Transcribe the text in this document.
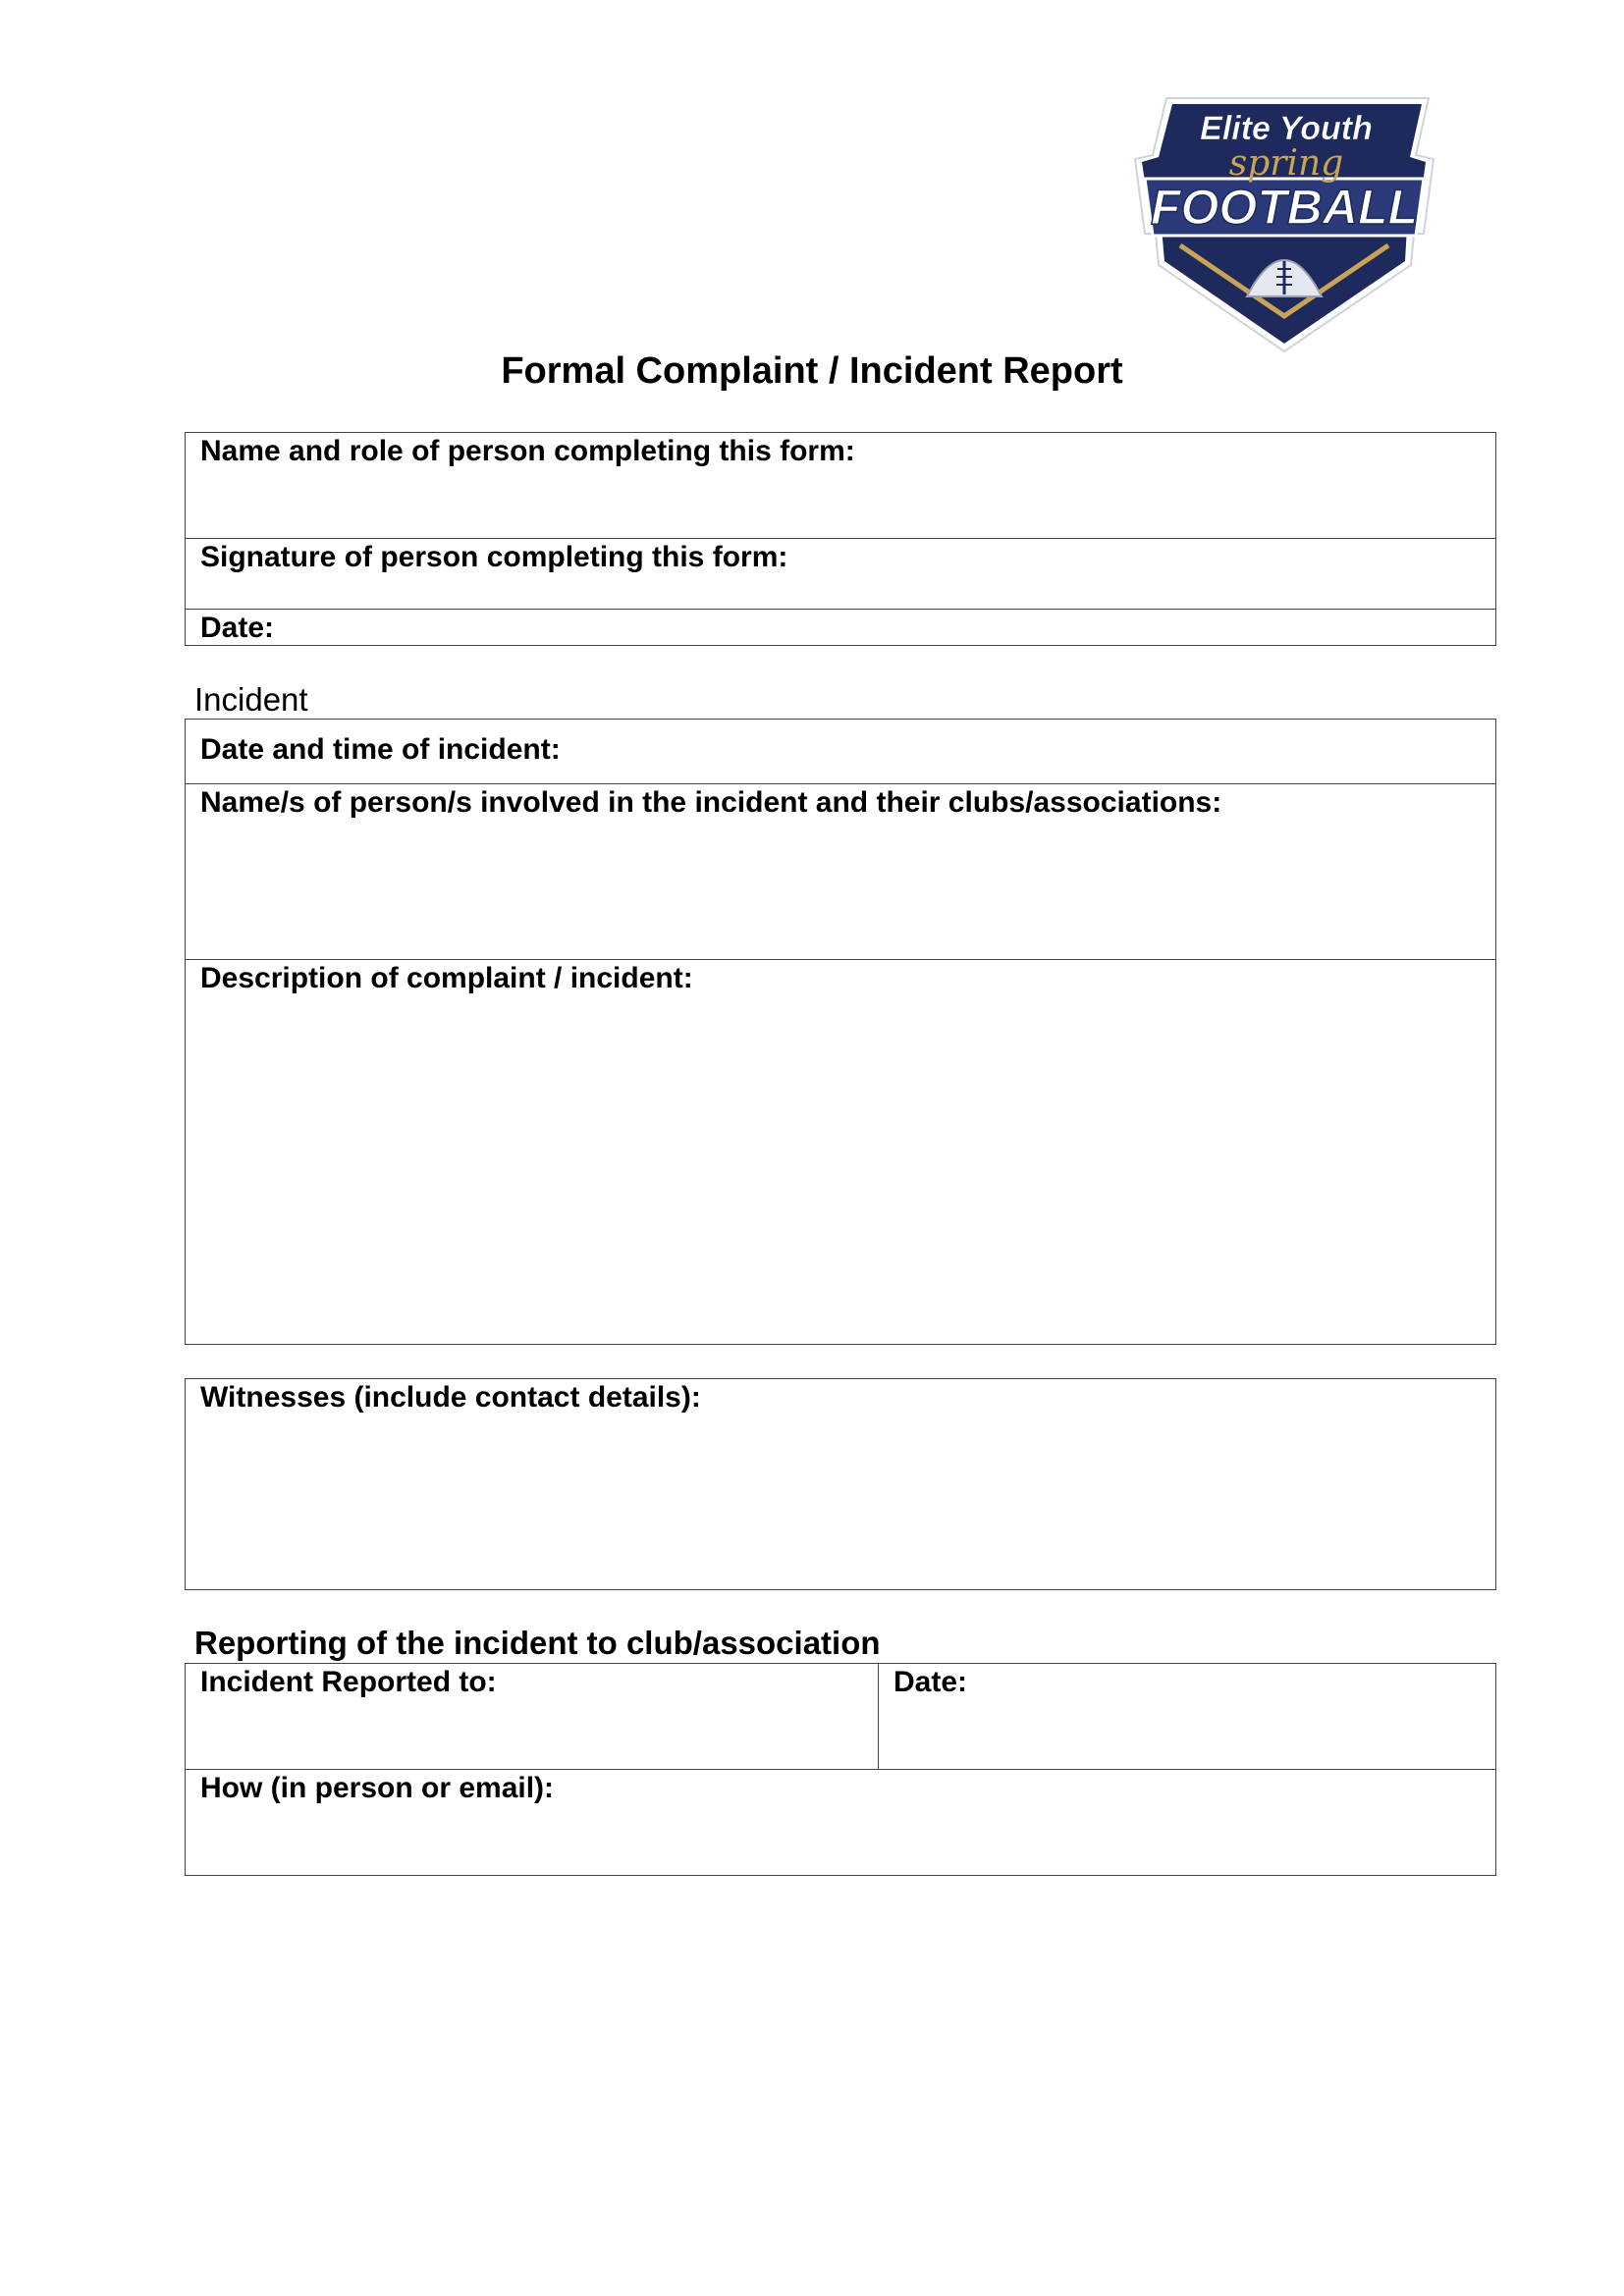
Elite Youth
spring
FOOTBALL
Formal Complaint / Incident Report
Name and role of person completing this form:
Signature of person completing this form:
Date:
Incident
Date and time of incident:
Name/s of person/s involved in the incident and their clubs/associations:
Description of complaint / incident:
Witnesses (include contact details):
Reporting of the incident to club/association
Incident Reported to:	Date:
How (in person or email):
